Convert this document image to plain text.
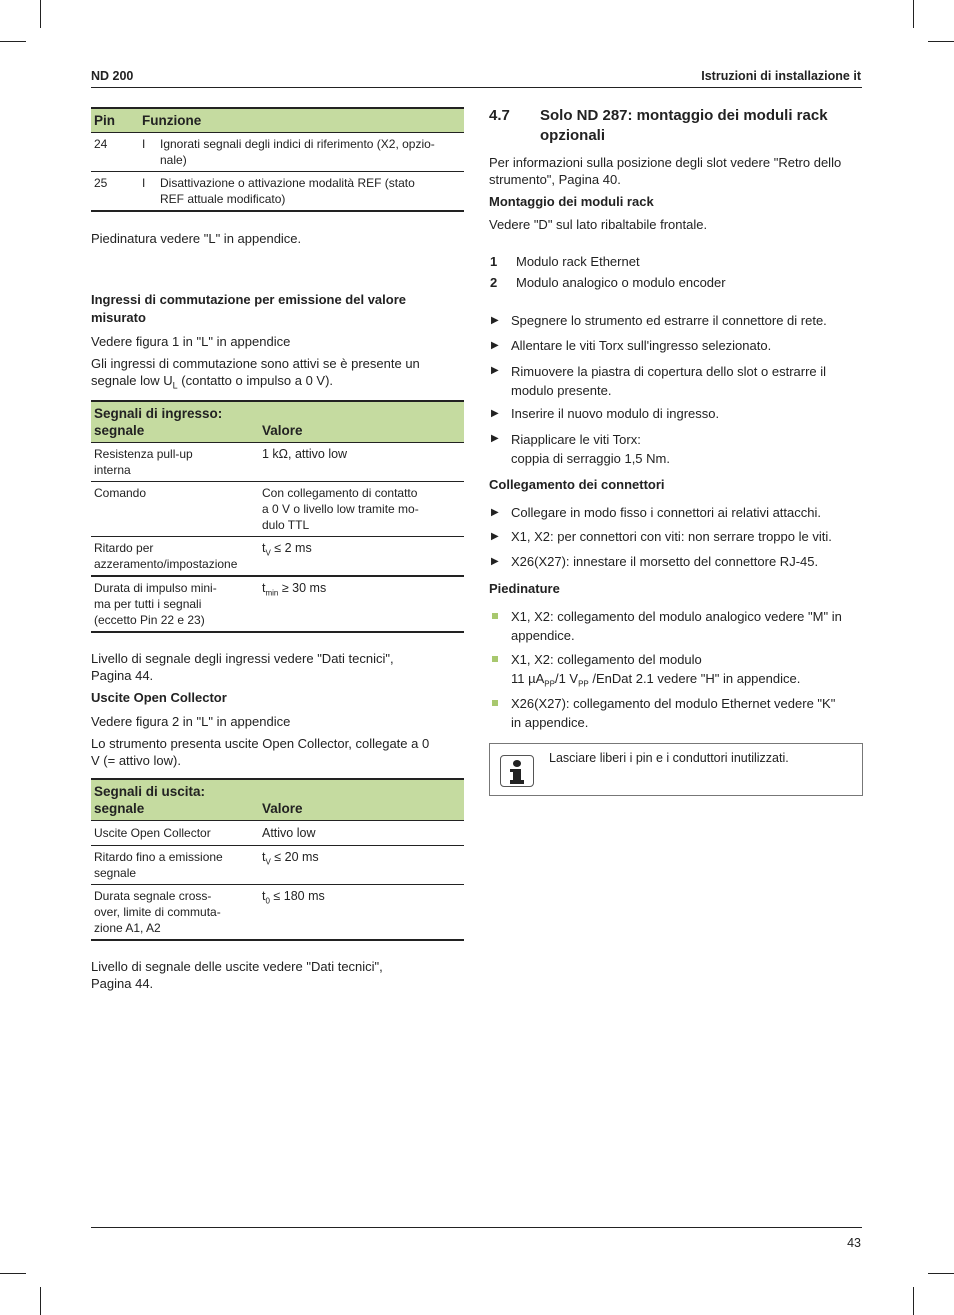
ND 200	Istruzioni di installazione it
Pin	Funzione	
24	I	Ignorati segnali degli indici di riferimento (X2, opzio-
nale)

25	I	Disattivazione o attivazione modalità REF (stato
REF attuale modificato)
Piedinatura vedere "L" in appendice.
Ingressi di commutazione per emissione del valore
misurato
Vedere figura 1 in "L" in appendice
Gli ingressi di commutazione sono attivi se è presente un
segnale low $U_L$ (contatto o impulso a 0 V).
Segnali di ingresso:
segnale	Valore

Resistenza pull-up
interna	1 kΩ, attivo low
Comando	Con collegamento di contatto
a 0 V o livello low tramite mo-
dulo TTL

Ritardo per
azzeramento/impostazione	$t_V \le 2$ ms

Durata di impulso mini-
ma per tutti i segnali
(eccetto Pin 22 e 23)	$t_{min} \ge 30$ ms
Livello di segnale degli ingressi vedere "Dati tecnici",
Pagina 44.
Uscite Open Collector
Vedere figura 2 in "L" in appendice
Lo strumento presenta uscite Open Collector, collegate a 0
V (= attivo low).
Segnali di uscita:
segnale	Valore
Uscite Open Collector	Attivo low

Ritardo fino a emissione
segnale	$t_V \le 20$ ms

Durata segnale cross-
over, limite di commuta-
zione A1, A2	$t_0 \le 180$ ms
Livello di segnale delle uscite vedere "Dati tecnici",
Pagina 44.
4.7 Solo ND 287: montaggio dei moduli rack
opzionali
Per informazioni sulla posizione degli slot vedere "Retro dello
strumento", Pagina 40.
Montaggio dei moduli rack
Vedere "D" sul lato ribaltabile frontale.
1 Modulo rack Ethernet
2 Modulo analogico o modulo encoder
▶ Spegnere lo strumento ed estrarre il connettore di rete.
▶ Allentare le viti Torx sull'ingresso selezionato.
▶ Rimuovere la piastra di copertura dello slot o estrarre il
modulo presente.
▶ Inserire il nuovo modulo di ingresso.
▶ Riapplicare le viti Torx:
coppia di serraggio 1,5 Nm.
Collegamento dei connettori
▶ Collegare in modo fisso i connettori ai relativi attacchi.
▶ X1, X2: per connettori con viti: non serrare troppo le viti.
▶ X26(X27): innestare il morsetto del connettore RJ-45.
Piedinature
X1, X2: collegamento del modulo analogico vedere "M" in
appendice.
X1, X2: collegamento del modulo
11 µA$_{PP}$/1 $V_{PP}$ /EnDat 2.1 vedere "H" in appendice.
X26(X27): collegamento del modulo Ethernet vedere "K"
in appendice.
Lasciare liberi i pin e i conduttori inutilizzati.
43
